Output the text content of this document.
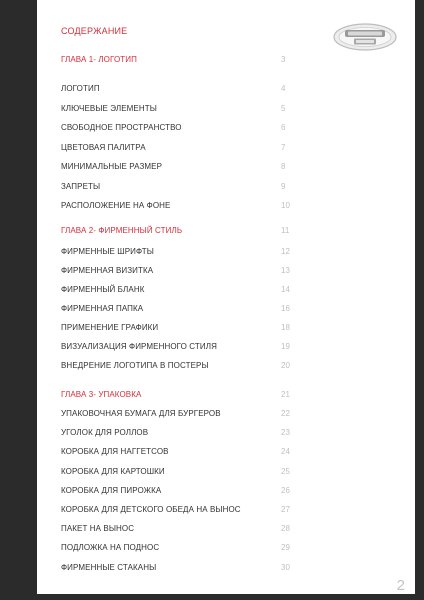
СОДЕРЖАНИЕ
ГЛАВА 1- ЛОГОТИП	3
ЛОГОТИП	4
КЛЮЧЕВЫЕ ЭЛЕМЕНТЫ	5
СВОБОДНОЕ ПРОСТРАНСТВО	6
ЦВЕТОВАЯ ПАЛИТРА	7
МИНИМАЛЬНЫЕ РАЗМЕР	8
ЗАПРЕТЫ	9
РАСПОЛОЖЕНИЕ НА ФОНЕ	10
ГЛАВА 2- ФИРМЕННЫЙ СТИЛЬ	11
ФИРМЕННЫЕ ШРИФТЫ	12
ФИРМЕННАЯ ВИЗИТКА	13
ФИРМЕННЫЙ БЛАНК	14
ФИРМЕННАЯ ПАПКА	16
ПРИМЕНЕНИЕ ГРАФИКИ	18
ВИЗУАЛИЗАЦИЯ ФИРМЕННОГО СТИЛЯ	19
ВНЕДРЕНИЕ ЛОГОТИПА В ПОСТЕРЫ	20
ГЛАВА 3- УПАКОВКА	21
УПАКОВОЧНАЯ БУМАГА ДЛЯ БУРГЕРОВ	22
УГОЛОК ДЛЯ РОЛЛОВ	23
КОРОБКА ДЛЯ НАГГЕТСОВ	24
КОРОБКА ДЛЯ КАРТОШКИ	25
КОРОБКА ДЛЯ ПИРОЖКА	26
КОРОБКА ДЛЯ ДЕТСКОГО ОБЕДА НА ВЫНОС	27
ПАКЕТ НА ВЫНОС	28
ПОДЛОЖКА НА ПОДНОС	29
ФИРМЕННЫЕ СТАКАНЫ	30
2
